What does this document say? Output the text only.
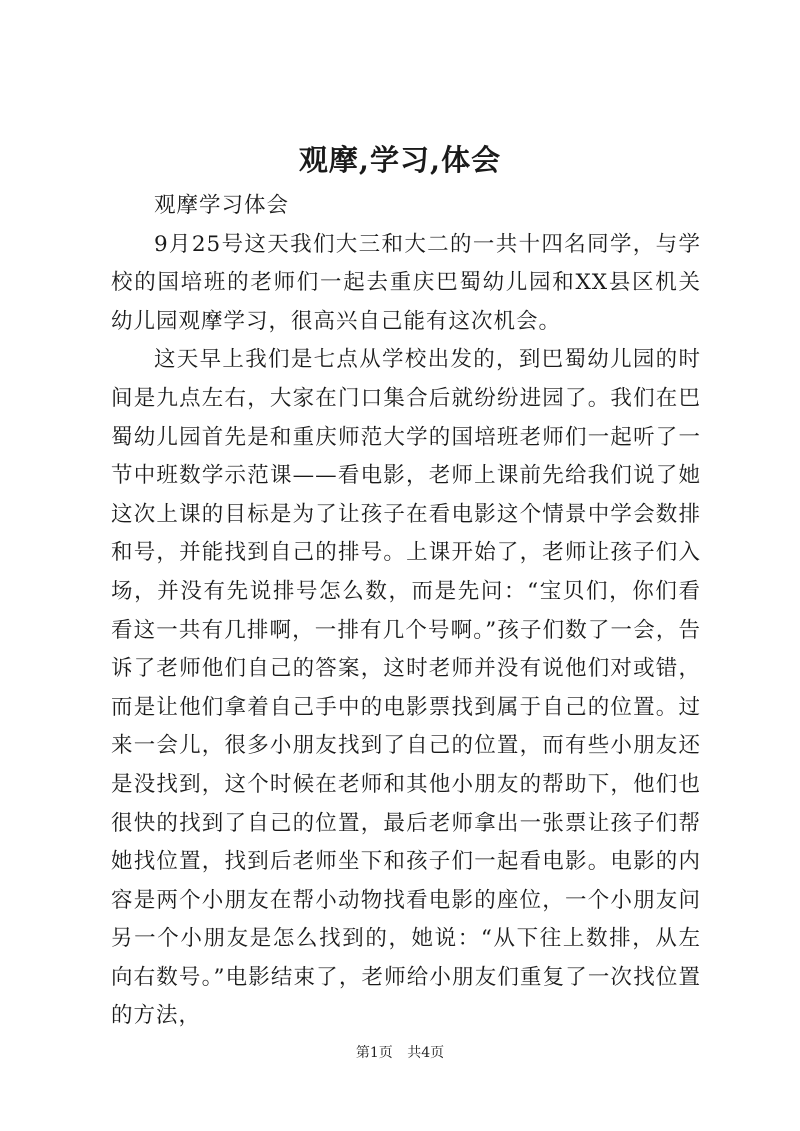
观摩,学习,体会

观摩学习体会

9月25号这天我们大三和大二的一共十四名同学，与学校的国培班的老师们一起去重庆巴蜀幼儿园和XX县区机关幼儿园观摩学习，很高兴自己能有这次机会。

这天早上我们是七点从学校出发的，到巴蜀幼儿园的时间是九点左右，大家在门口集合后就纷纷进园了。我们在巴蜀幼儿园首先是和重庆师范大学的国培班老师们一起听了一节中班数学示范课——看电影，老师上课前先给我们说了她这次上课的目标是为了让孩子在看电影这个情景中学会数排和号，并能找到自己的排号。上课开始了，老师让孩子们入场，并没有先说排号怎么数，而是先问：“宝贝们，你们看看这一共有几排啊，一排有几个号啊。”孩子们数了一会，告诉了老师他们自己的答案，这时老师并没有说他们对或错，而是让他们拿着自己手中的电影票找到属于自己的位置。过来一会儿，很多小朋友找到了自己的位置，而有些小朋友还是没找到，这个时候在老师和其他小朋友的帮助下，他们也很快的找到了自己的位置，最后老师拿出一张票让孩子们帮她找位置，找到后老师坐下和孩子们一起看电影。电影的内容是两个小朋友在帮小动物找看电影的座位，一个小朋友问另一个小朋友是怎么找到的，她说：“从下往上数排，从左向右数号。”电影结束了，老师给小朋友们重复了一次找位置的方法，

第1页 共4页
